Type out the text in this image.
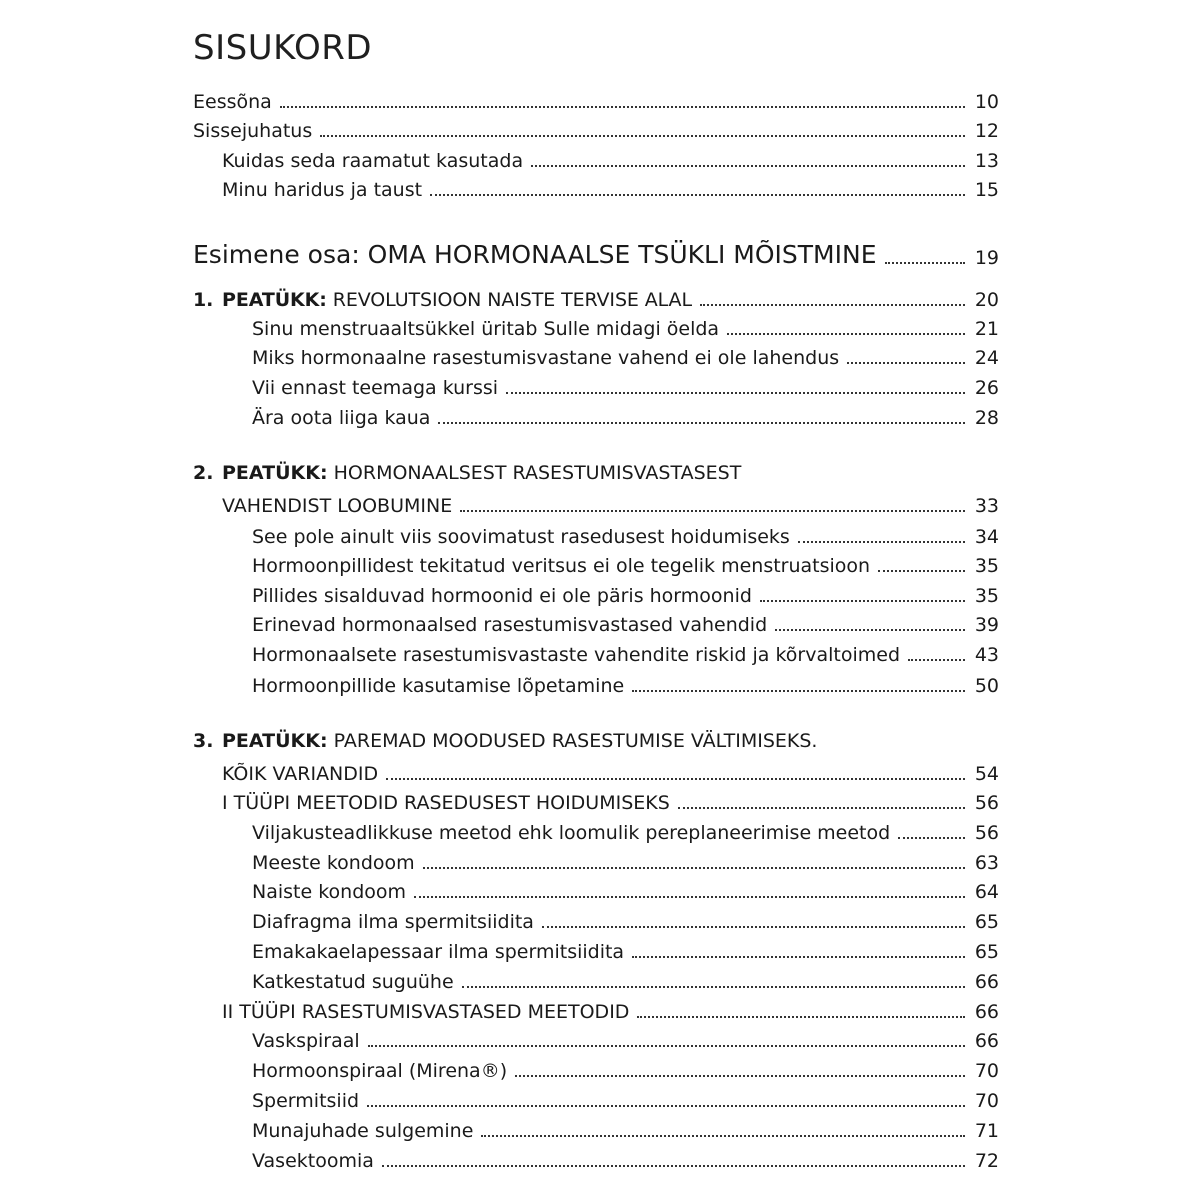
SISUKORD
Eessõna	10
Sissejuhatus	12
Kuidas seda raamatut kasutada	13
Minu haridus ja taust	15
Esimene osa: OMA HORMONAALSE TSÜKLI MÕISTMINE	19
1. PEATÜKK: REVOLUTSIOON NAISTE TERVISE ALAL	20
Sinu menstruaaltsükkel üritab Sulle midagi öelda	21
Miks hormonaalne rasestumisvastane vahend ei ole lahendus	24
Vii ennast teemaga kurssi	26
Ära oota liiga kaua	28
2. PEATÜKK: HORMONAALSEST RASESTUMISVASTASEST
VAHENDIST LOOBUMINE	33
See pole ainult viis soovimatust rasedusest hoidumiseks	34
Hormoonpillidest tekitatud veritsus ei ole tegelik menstruatsioon	35
Pillides sisalduvad hormoonid ei ole päris hormoonid	35
Erinevad hormonaalsed rasestumisvastased vahendid	39
Hormonaalsete rasestumisvastaste vahendite riskid ja kõrvaltoimed	43
Hormoonpillide kasutamise lõpetamine	50
3. PEATÜKK: PAREMAD MOODUSED RASESTUMISE VÄLTIMISEKS.
KÕIK VARIANDID	54
I TÜÜPI MEETODID RASEDUSEST HOIDUMISEKS	56
Viljakusteadlikkuse meetod ehk loomulik pereplaneerimise meetod	56
Meeste kondoom	63
Naiste kondoom	64
Diafragma ilma spermitsiidita	65
Emakakaelapessaar ilma spermitsiidita	65
Katkestatud suguühe	66
II TÜÜPI RASESTUMISVASTASED MEETODID	66
Vaskspiraal	66
Hormoonspiraal (Mirena®)	70
Spermitsiid	70
Munajuhade sulgemine	71
Vasektoomia	72
